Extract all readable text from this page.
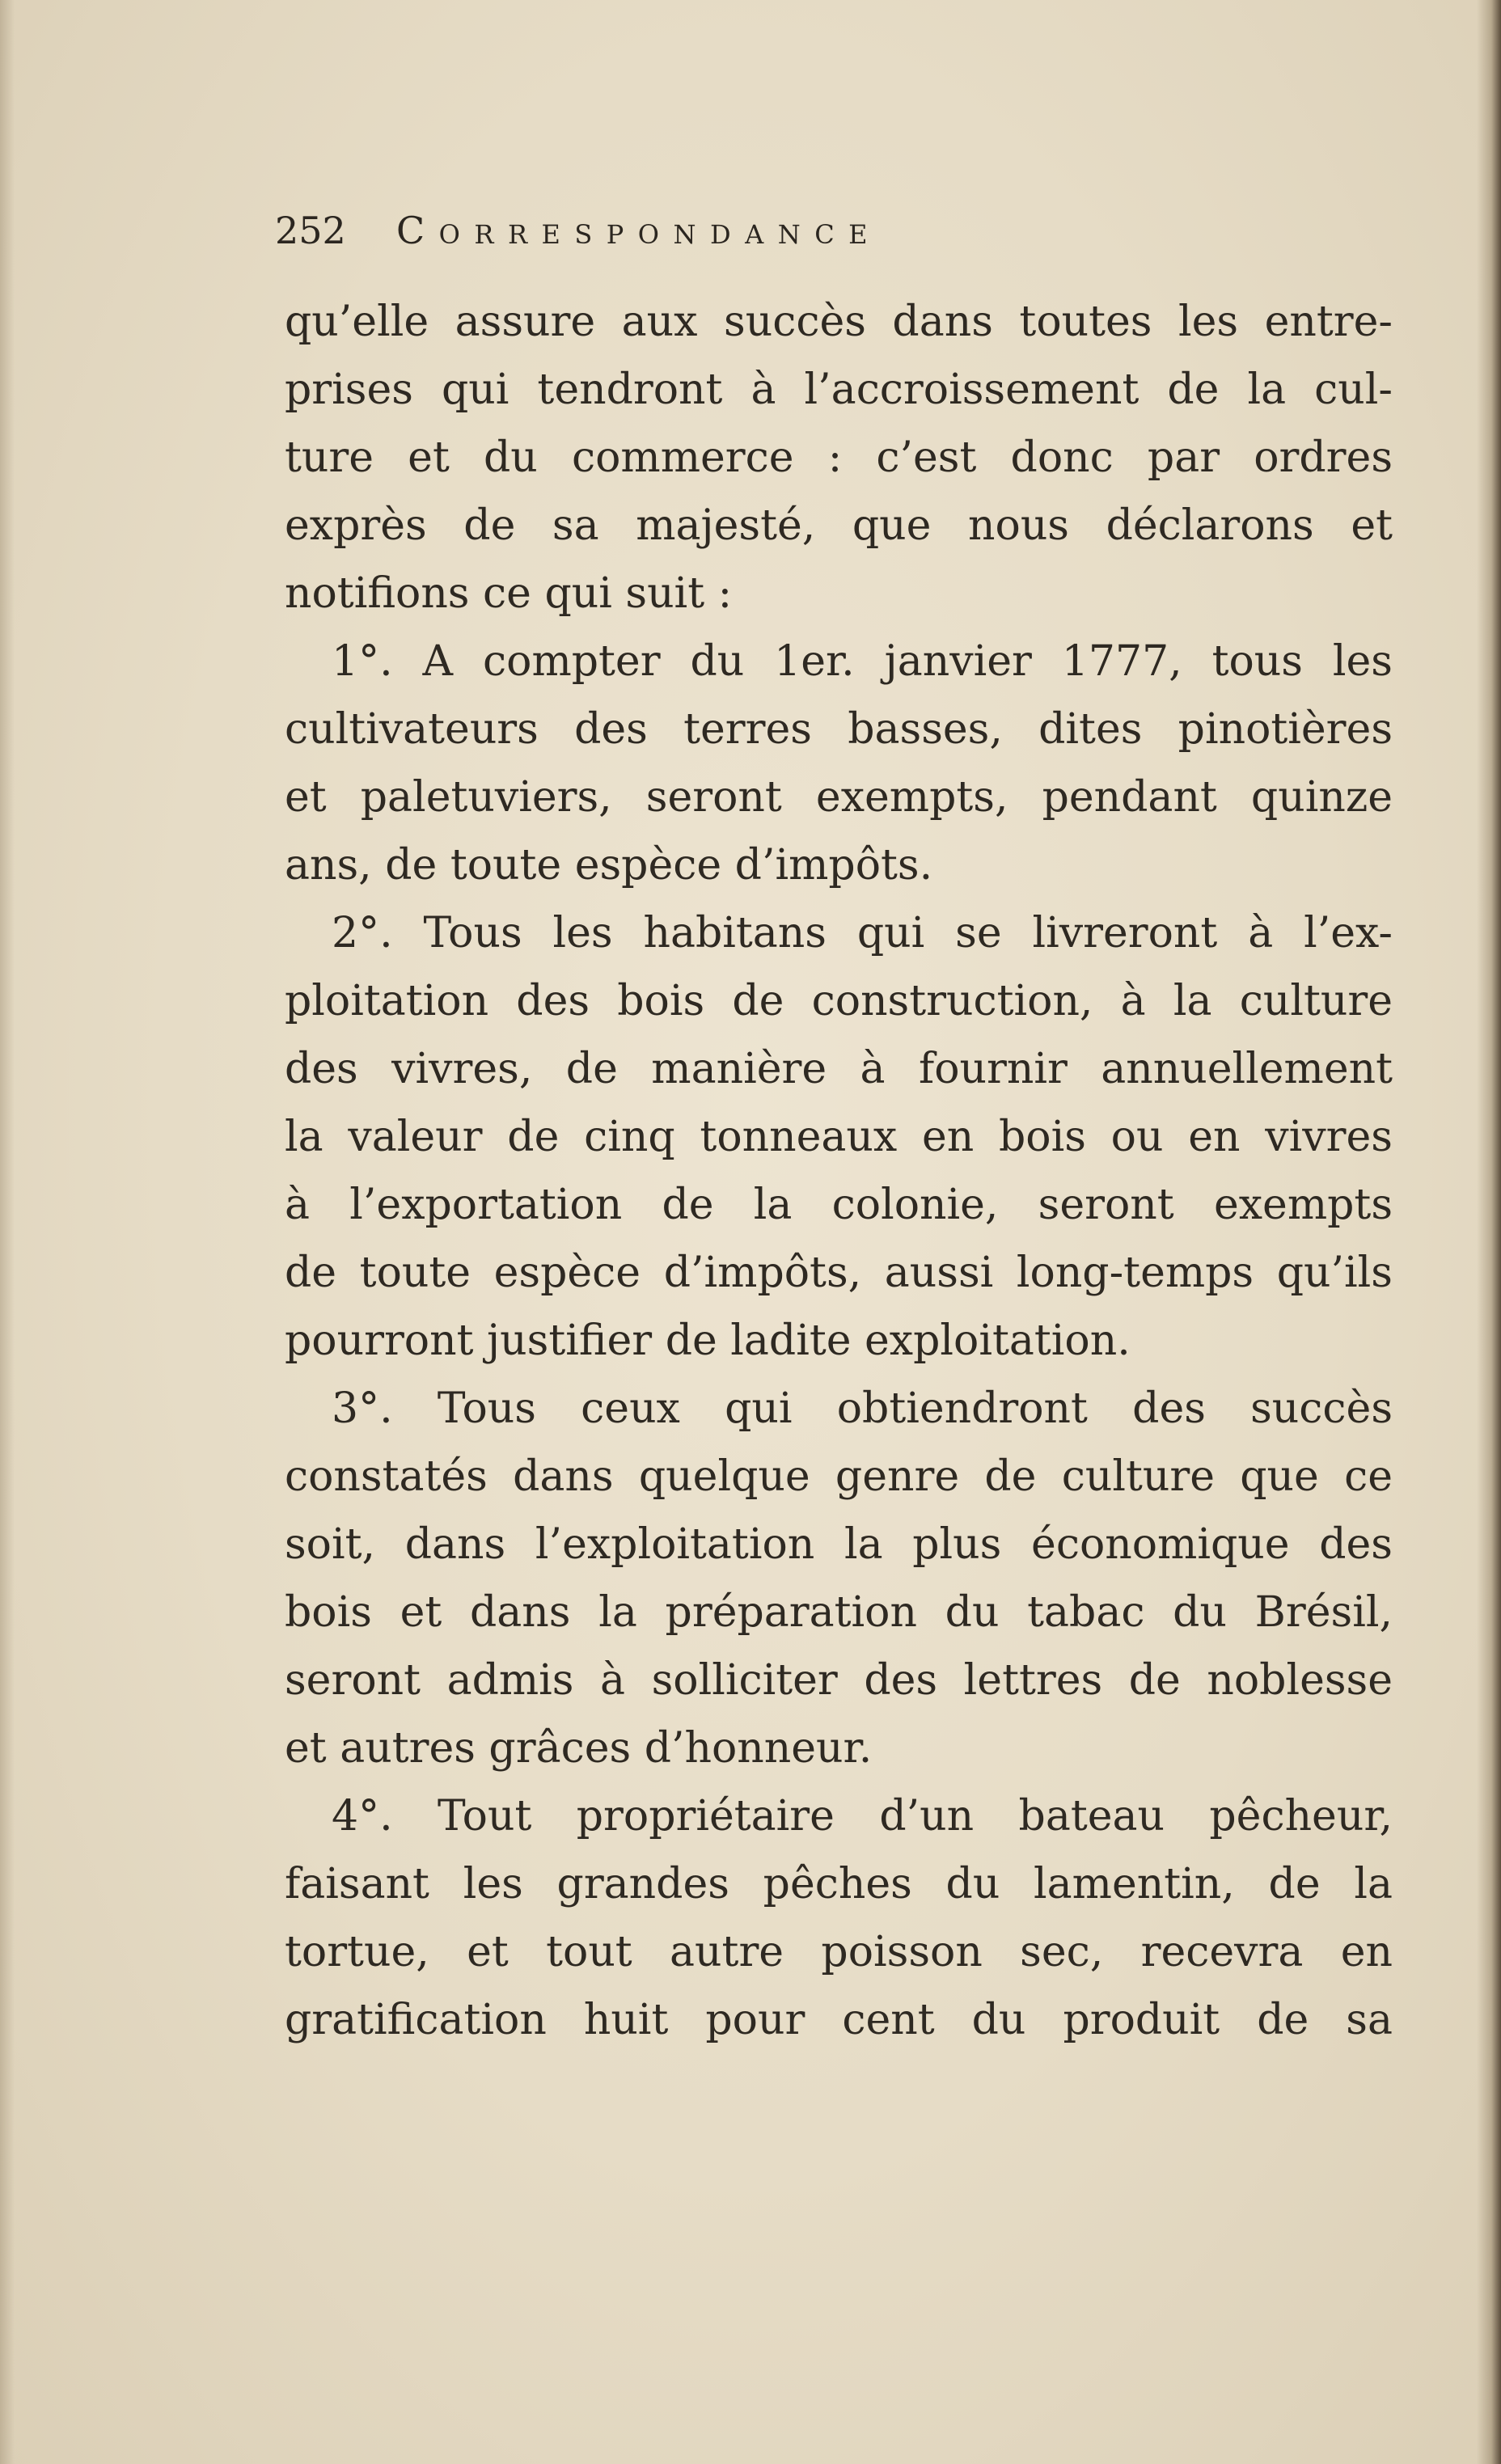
252	Correspondance
qu’elle assure aux succès dans toutes les entre-
prises qui tendront à l’accroissement de la cul-
ture et du commerce : c’est donc par ordres
exprès de sa majesté, que nous déclarons et
notifions ce qui suit :
1°. A compter du 1er. janvier 1777, tous les
cultivateurs des terres basses, dites pinotières
et paletuviers, seront exempts, pendant quinze
ans, de toute espèce d’impôts.
2°. Tous les habitans qui se livreront à l’ex-
ploitation des bois de construction, à la culture
des vivres, de manière à fournir annuellement
la valeur de cinq tonneaux en bois ou en vivres
à l’exportation de la colonie, seront exempts
de toute espèce d’impôts, aussi long-temps qu’ils
pourront justifier de ladite exploitation.
3°. Tous ceux qui obtiendront des succès
constatés dans quelque genre de culture que ce
soit, dans l’exploitation la plus économique des
bois et dans la préparation du tabac du Brésil,
seront admis à solliciter des lettres de noblesse
et autres grâces d’honneur.
4°. Tout propriétaire d’un bateau pêcheur,
faisant les grandes pêches du lamentin, de la
tortue, et tout autre poisson sec, recevra en
gratification huit pour cent du produit de sa
